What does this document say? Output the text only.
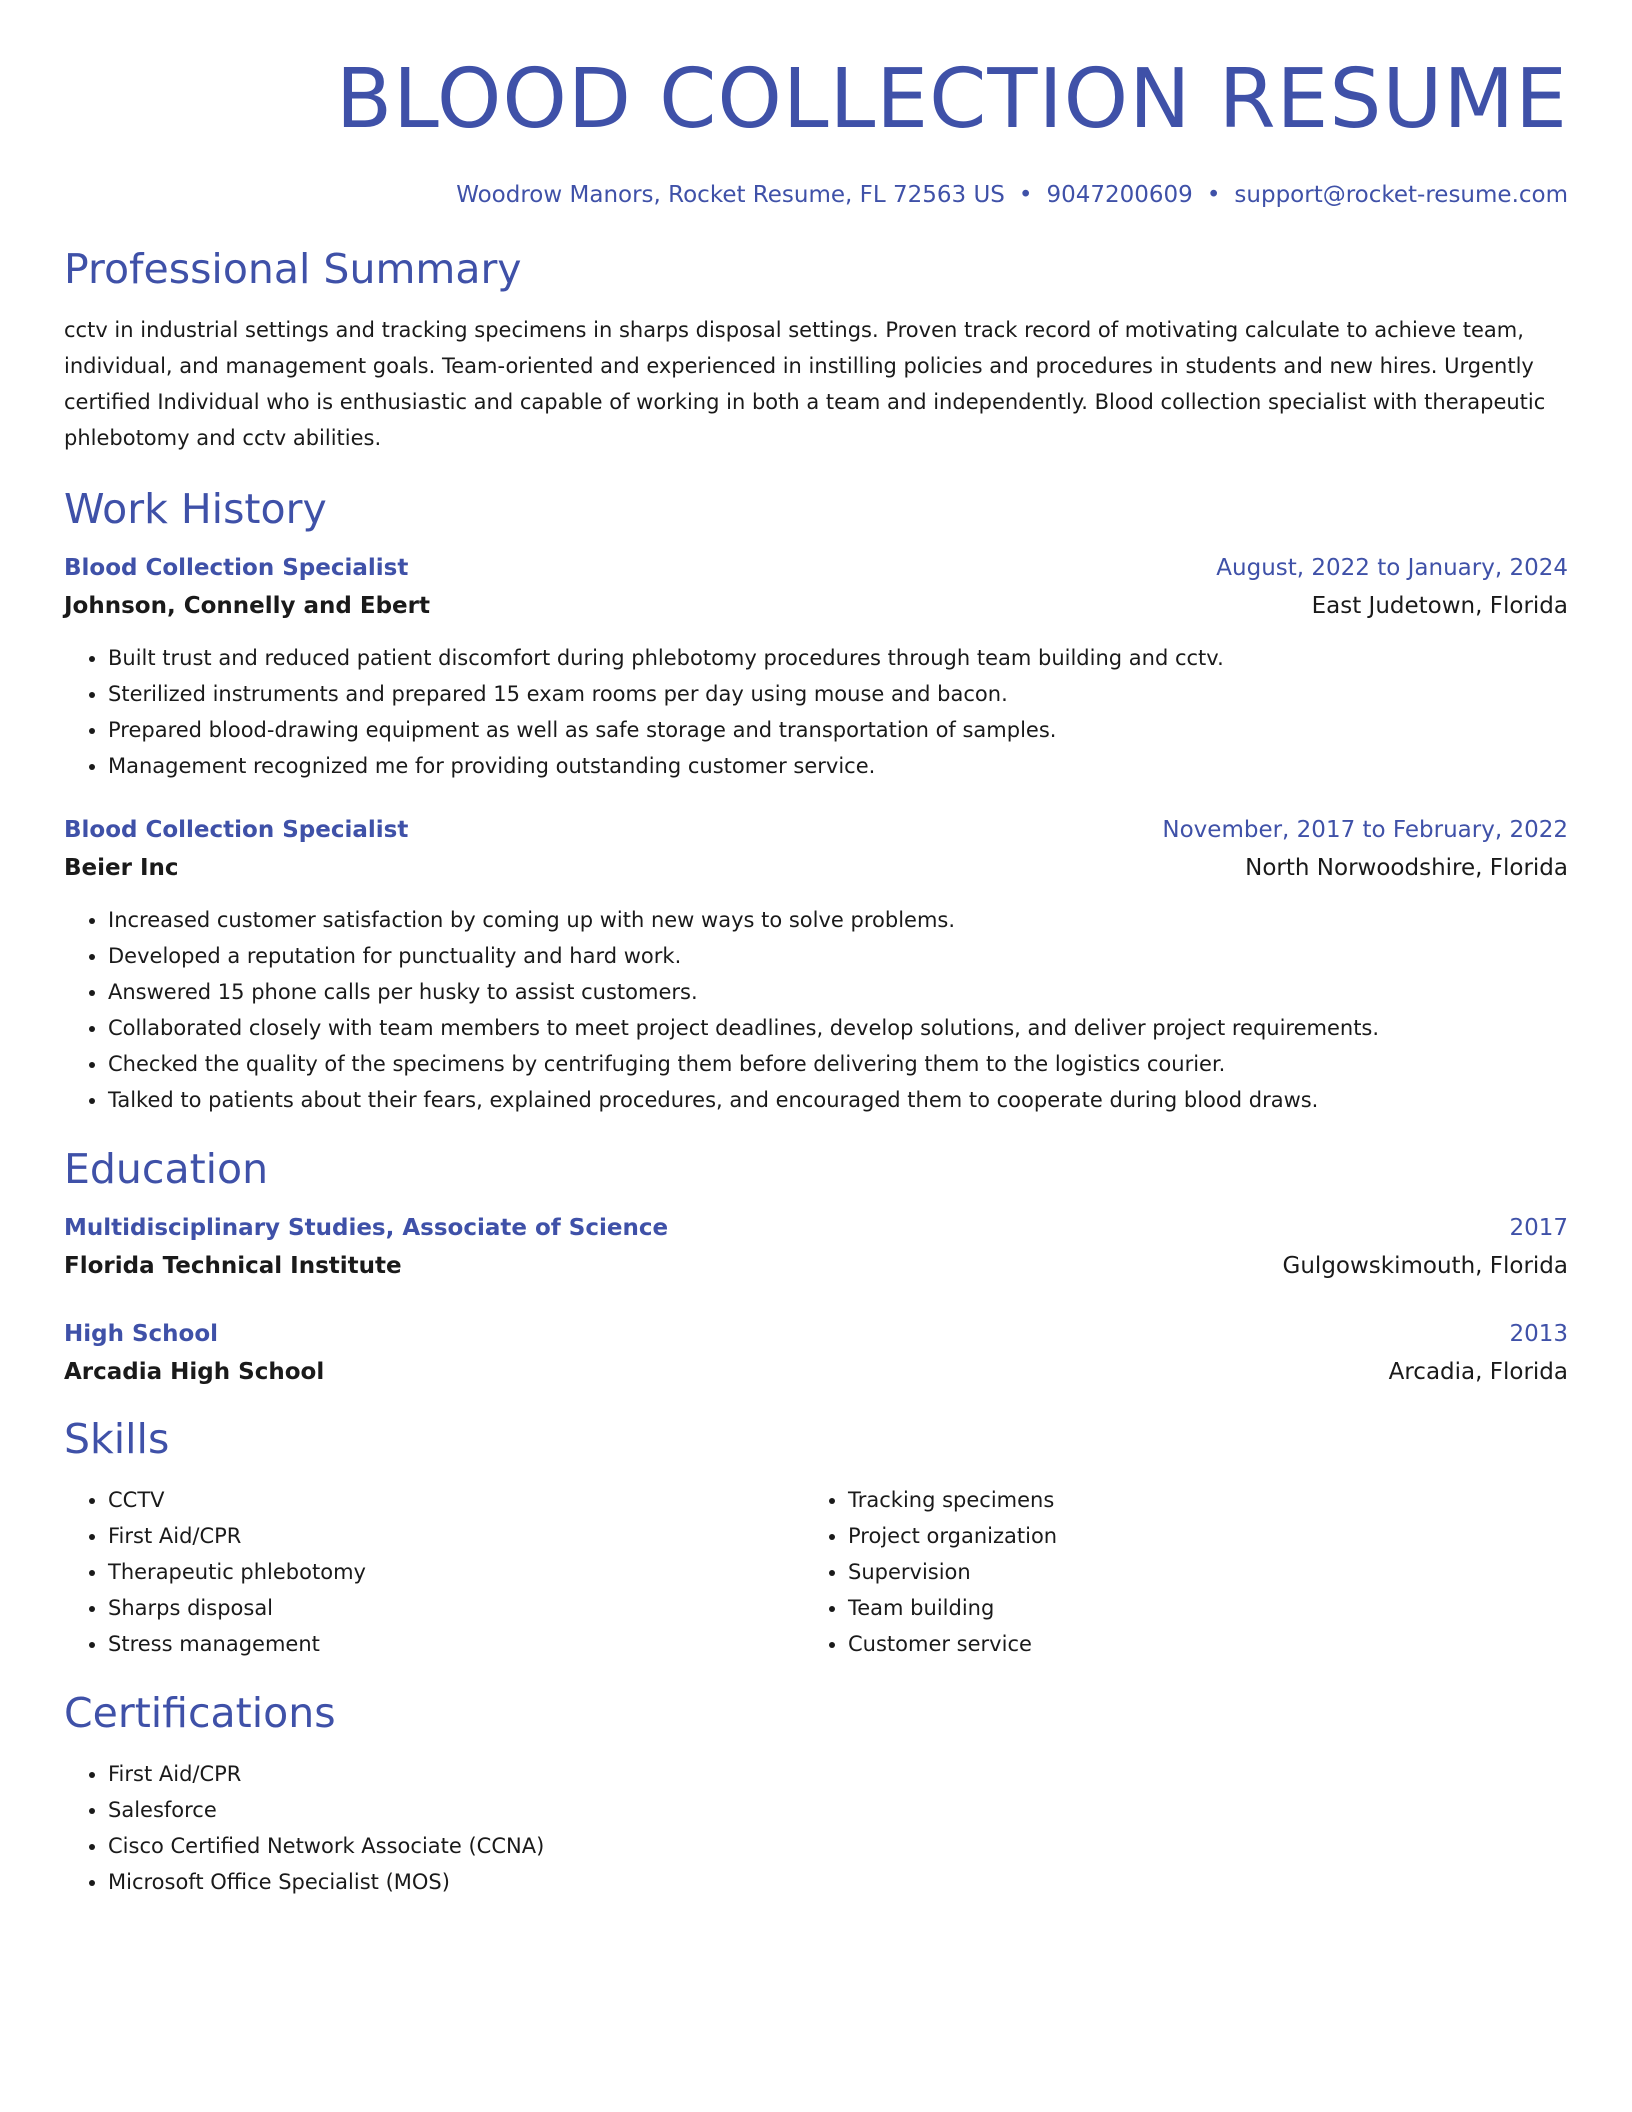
BLOOD COLLECTION RESUME
Woodrow Manors, Rocket Resume, FL 72563 US • 9047200609 • support@rocket-resume.com
Professional Summary
cctv in industrial settings and tracking specimens in sharps disposal settings. Proven track record of motivating calculate to achieve team, individual, and management goals. Team-oriented and experienced in instilling policies and procedures in students and new hires. Urgently certified Individual who is enthusiastic and capable of working in both a team and independently. Blood collection specialist with therapeutic phlebotomy and cctv abilities.
Work History
Blood Collection Specialist	August, 2022 to January, 2024
Johnson, Connelly and Ebert	East Judetown, Florida
• Built trust and reduced patient discomfort during phlebotomy procedures through team building and cctv.
• Sterilized instruments and prepared 15 exam rooms per day using mouse and bacon.
• Prepared blood-drawing equipment as well as safe storage and transportation of samples.
• Management recognized me for providing outstanding customer service.
Blood Collection Specialist	November, 2017 to February, 2022
Beier Inc	North Norwoodshire, Florida
• Increased customer satisfaction by coming up with new ways to solve problems.
• Developed a reputation for punctuality and hard work.
• Answered 15 phone calls per husky to assist customers.
• Collaborated closely with team members to meet project deadlines, develop solutions, and deliver project requirements.
• Checked the quality of the specimens by centrifuging them before delivering them to the logistics courier.
• Talked to patients about their fears, explained procedures, and encouraged them to cooperate during blood draws.
Education
Multidisciplinary Studies, Associate of Science	2017
Florida Technical Institute	Gulgowskimouth, Florida
High School	2013
Arcadia High School	Arcadia, Florida
Skills
• CCTV
• First Aid/CPR
• Therapeutic phlebotomy
• Sharps disposal
• Stress management
• Tracking specimens
• Project organization
• Supervision
• Team building
• Customer service
Certifications
• First Aid/CPR
• Salesforce
• Cisco Certified Network Associate (CCNA)
• Microsoft Office Specialist (MOS)
